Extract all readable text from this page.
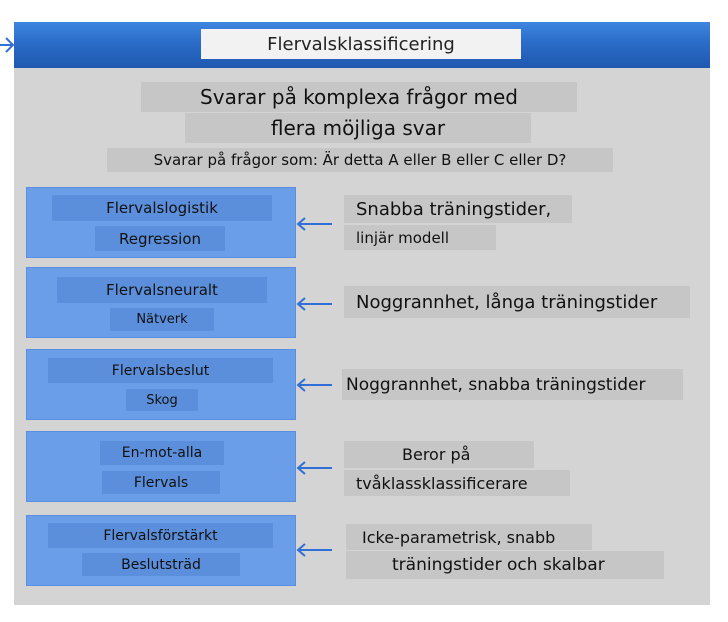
Flervalsklassificering
Svarar på komplexa frågor med
flera möjliga svar
Svarar på frågor som: Är detta A eller B eller C eller D?
Flervalslogistik
Regression
Snabba träningstider,
linjär modell
Flervalsneuralt
Nätverk
Noggrannhet, långa träningstider
Flervalsbeslut
Skog
Noggrannhet, snabba träningstider
En-mot-alla
Flervals
Beror på
tvåklassklassificerare
Flervalsförstärkt
Beslutsträd
Icke-parametrisk, snabb
träningstider och skalbar
